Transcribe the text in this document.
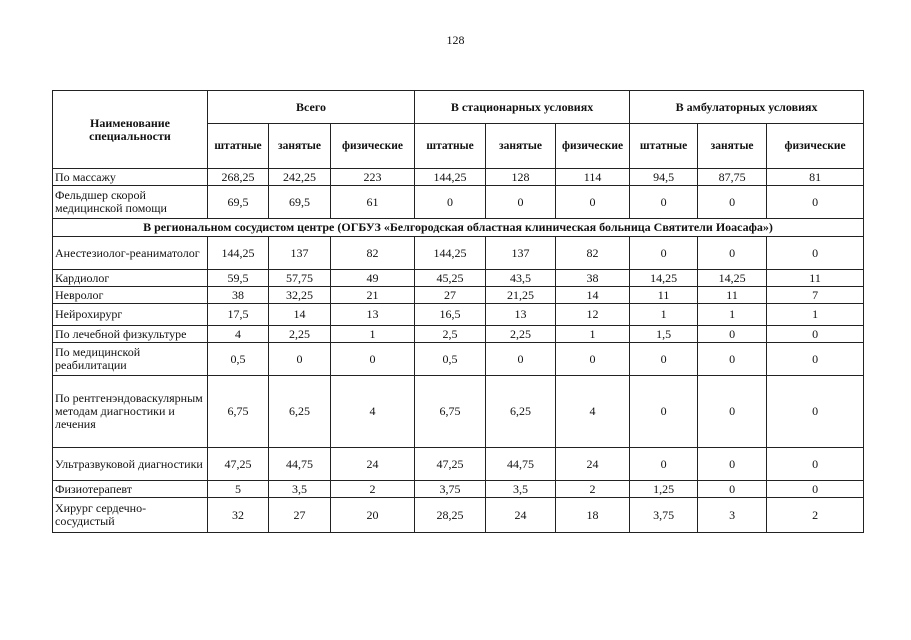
128
Наименование специальности	Всего			В стационарных условиях			В амбулаторных условиях		
	штатные	занятые	физические	штатные	занятые	физические	штатные	занятые	физические
По массажу	268,25	242,25	223	144,25	128	114	94,5	87,75	81
Фельдшер скорой медицинской помощи	69,5	69,5	61	0	0	0	0	0	0
В региональном сосудистом центре (ОГБУЗ «Белгородская областная клиническая больница Святители Иоасафа»)									
Анестезиолог-реаниматолог	144,25	137	82	144,25	137	82	0	0	0
Кардиолог	59,5	57,75	49	45,25	43,5	38	14,25	14,25	11
Невролог	38	32,25	21	27	21,25	14	11	11	7
Нейрохирург	17,5	14	13	16,5	13	12	1	1	1
По лечебной физкультуре	4	2,25	1	2,5	2,25	1	1,5	0	0
По медицинской реабилитации	0,5	0	0	0,5	0	0	0	0	0
По рентгенэндоваскулярным методам диагностики и лечения	6,75	6,25	4	6,75	6,25	4	0	0	0
Ультразвуковой диагностики	47,25	44,75	24	47,25	44,75	24	0	0	0
Физиотерапевт	5	3,5	2	3,75	3,5	2	1,25	0	0
Хирург сердечно-сосудистый	32	27	20	28,25	24	18	3,75	3	2
